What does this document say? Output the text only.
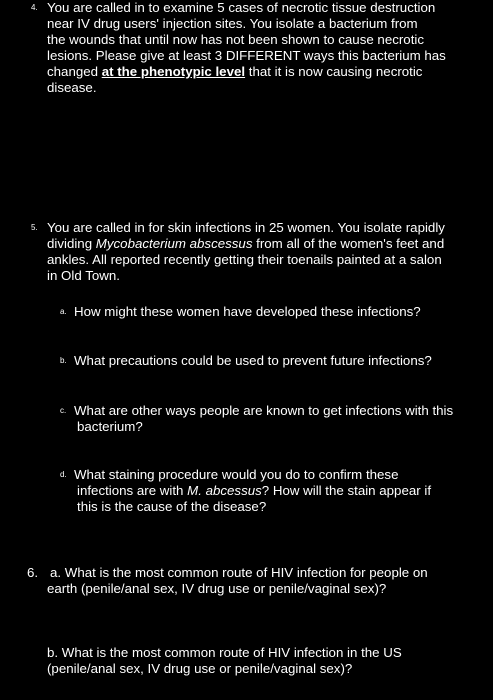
4. You are called in to examine 5 cases of necrotic tissue destruction

near IV drug users' injection sites. You isolate a bacterium from

the wounds that until now has not been shown to cause necrotic

lesions. Please give at least 3 DIFFERENT ways this bacterium has

changed at the phenotypic level that it is now causing necrotic

disease.

5. You are called in for skin infections in 25 women. You isolate rapidly

dividing Mycobacterium abscessus from all of the women's feet and

ankles. All reported recently getting their toenails painted at a salon

in Old Town.

a. How might these women have developed these infections?

b. What precautions could be used to prevent future infections?

c. What are other ways people are known to get infections with this

bacterium?

d. What staining procedure would you do to confirm these

infections are with M. abcessus? How will the stain appear if

this is the cause of the disease?

6. a. What is the most common route of HIV infection for people on

earth (penile/anal sex, IV drug use or penile/vaginal sex)?

b. What is the most common route of HIV infection in the US

(penile/anal sex, IV drug use or penile/vaginal sex)?
